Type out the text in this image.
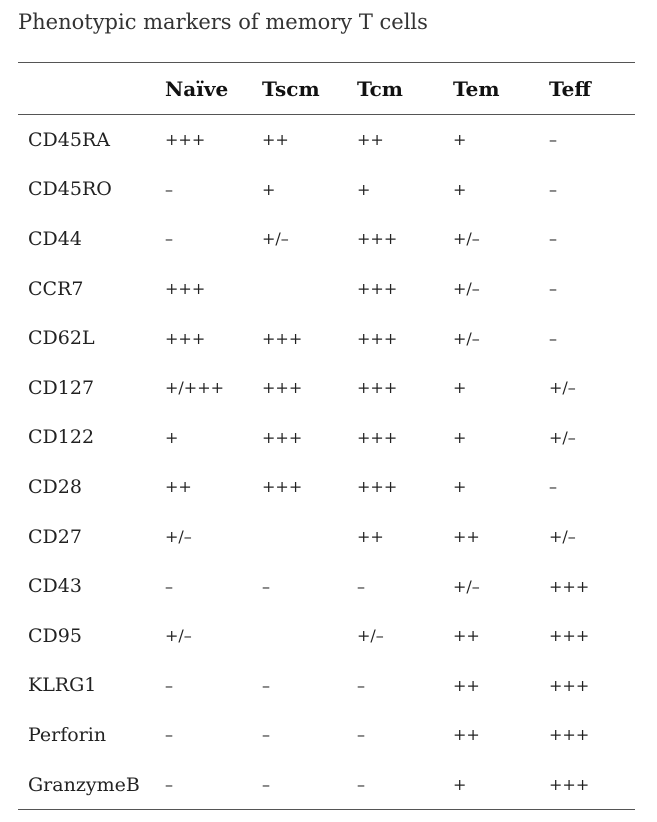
Phenotypic markers of memory T cells
	Naïve	Tscm	Tcm	Tem	Teff
CD45RA	+++	++	++	+	–
CD45RO	–	+	+	+	–
CD44	–	+/–	+++	+/–	–
CCR7	+++		+++	+/–	–
CD62L	+++	+++	+++	+/–	–
CD127	+/+++	+++	+++	+	+/–
CD122	+	+++	+++	+	+/–
CD28	++	+++	+++	+	–
CD27	+/–		++	++	+/–
CD43	–	–	–	+/–	+++
CD95	+/–		+/–	++	+++
KLRG1	–	–	–	++	+++
Perforin	–	–	–	++	+++
GranzymeB	–	–	–	+	+++
